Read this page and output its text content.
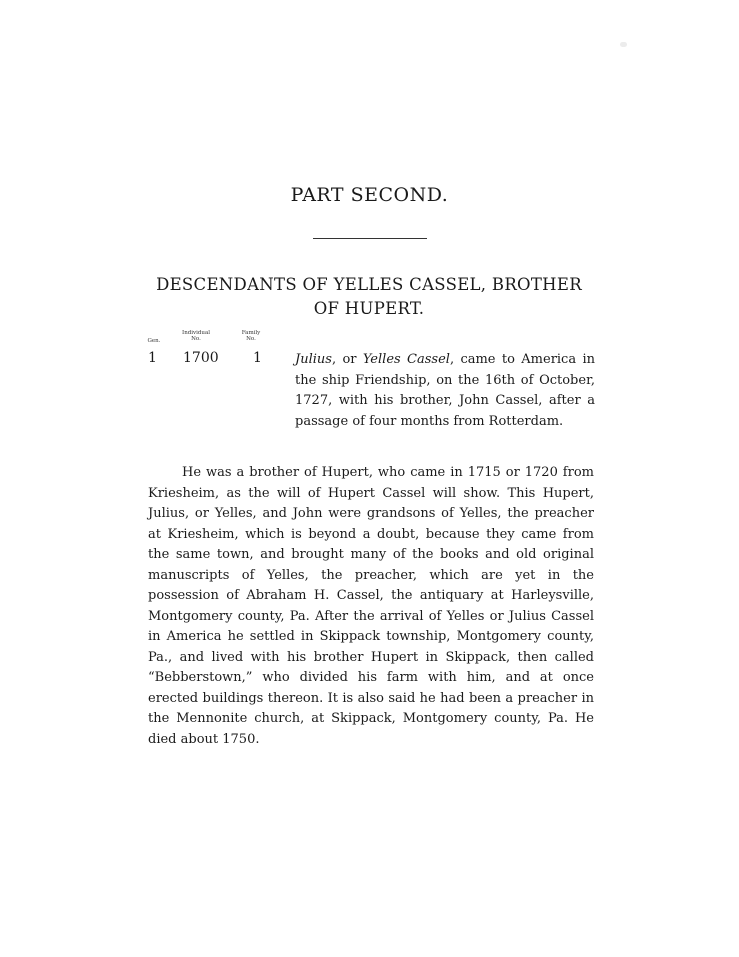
PART SECOND.
DESCENDANTS OF YELLES CASSEL, BROTHER OF HUPERT.
Gen.
Individual No.
Family No.
1 1700 1	Julius, or Yelles Cassel, came to America in the ship Friendship, on the 16th of October, 1727, with his brother, John Cassel, after a passage of four months from Rotterdam.
He was a brother of Hupert, who came in 1715 or 1720 from Kriesheim, as the will of Hupert Cassel will show. This Hupert, Julius, or Yelles, and John were grandsons of Yelles, the preacher at Kriesheim, which is beyond a doubt, because they came from the same town, and brought many of the books and old original manuscripts of Yelles, the preacher, which are yet in the possession of Abraham H. Cassel, the antiquary at Harleysville, Montgomery county, Pa. After the arrival of Yelles or Julius Cassel in America he settled in Skippack township, Montgomery county, Pa., and lived with his brother Hupert in Skippack, then called “Bebberstown,” who divided his farm with him, and at once erected buildings thereon. It is also said he had been a preacher in the Mennonite church, at Skippack, Montgomery county, Pa. He died about 1750.
